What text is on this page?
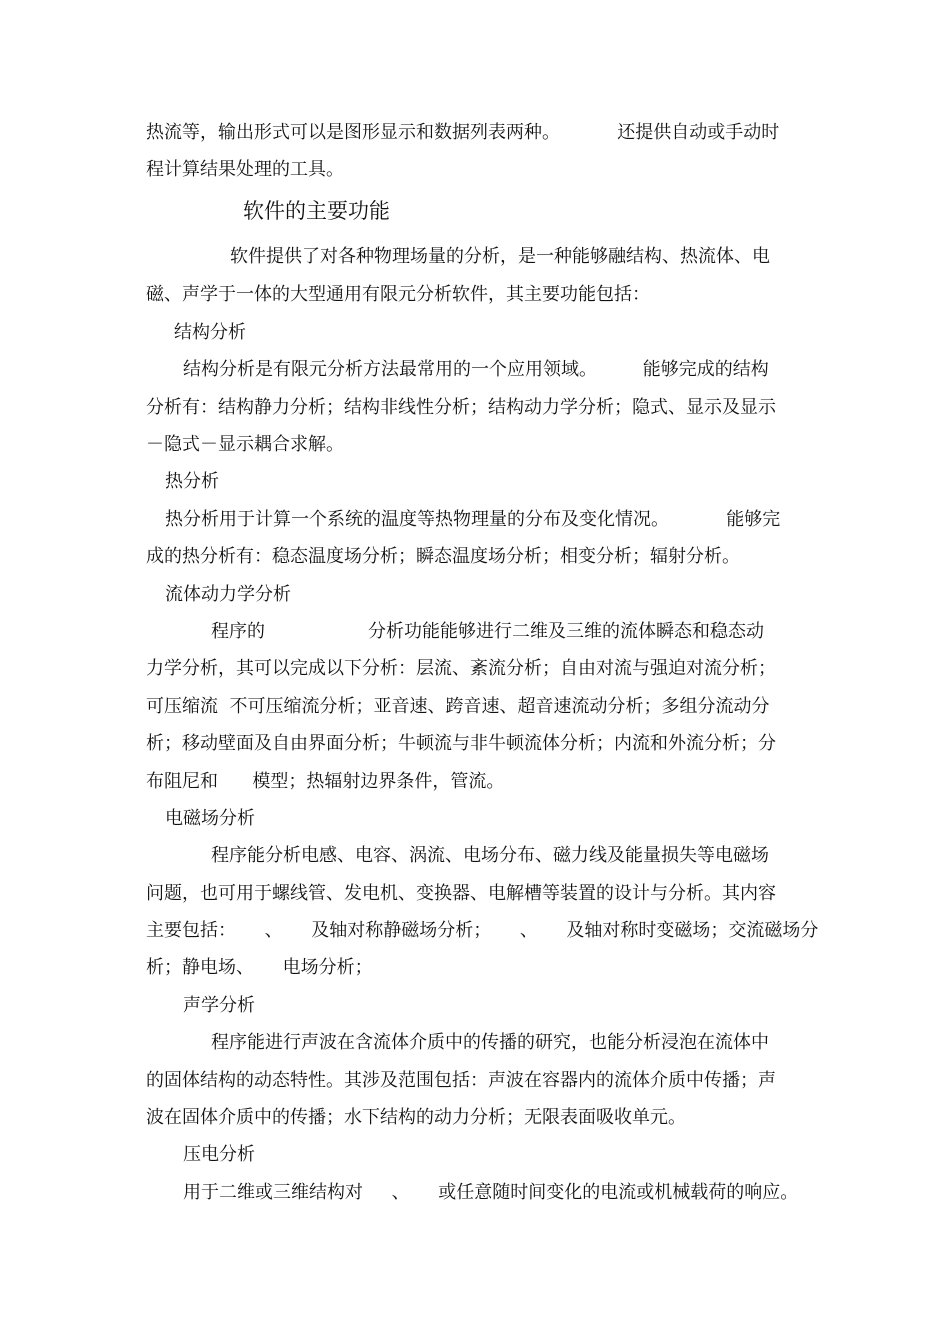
热流等，输出形式可以是图形显示和数据列表两种。          还提供自动或手动时
程计算结果处理的工具。
软件的主要功能
软件提供了对各种物理场量的分析，是一种能够融结构、热流体、电
磁、声学于一体的大型通用有限元分析软件，其主要功能包括：
结构分析
结构分析是有限元分析方法最常用的一个应用领域。        能够完成的结构
分析有：结构静力分析；结构非线性分析；结构动力学分析；隐式、显示及显示
－隐式－显示耦合求解。
热分析
热分析用于计算一个系统的温度等热物理量的分布及变化情况。          能够完
成的热分析有：稳态温度场分析；瞬态温度场分析；相变分析；辐射分析。
流体动力学分析
程序的                  分析功能能够进行二维及三维的流体瞬态和稳态动
力学分析，其可以完成以下分析：层流、紊流分析；自由对流与强迫对流分析；
可压缩流  不可压缩流分析；亚音速、跨音速、超音速流动分析；多组分流动分
析；移动壁面及自由界面分析；牛顿流与非牛顿流体分析；内流和外流分析；分
布阻尼和      模型；热辐射边界条件，管流。
电磁场分析
程序能分析电感、电容、涡流、电场分布、磁力线及能量损失等电磁场
问题，也可用于螺线管、发电机、变换器、电解槽等装置的设计与分析。其内容
主要包括：     、     及轴对称静磁场分析；     、     及轴对称时变磁场；交流磁场分
析；静电场、     电场分析；
声学分析
程序能进行声波在含流体介质中的传播的研究，也能分析浸泡在流体中
的固体结构的动态特性。其涉及范围包括：声波在容器内的流体介质中传播；声
波在固体介质中的传播；水下结构的动力分析；无限表面吸收单元。
压电分析
用于二维或三维结构对     、     或任意随时间变化的电流或机械载荷的响应。
